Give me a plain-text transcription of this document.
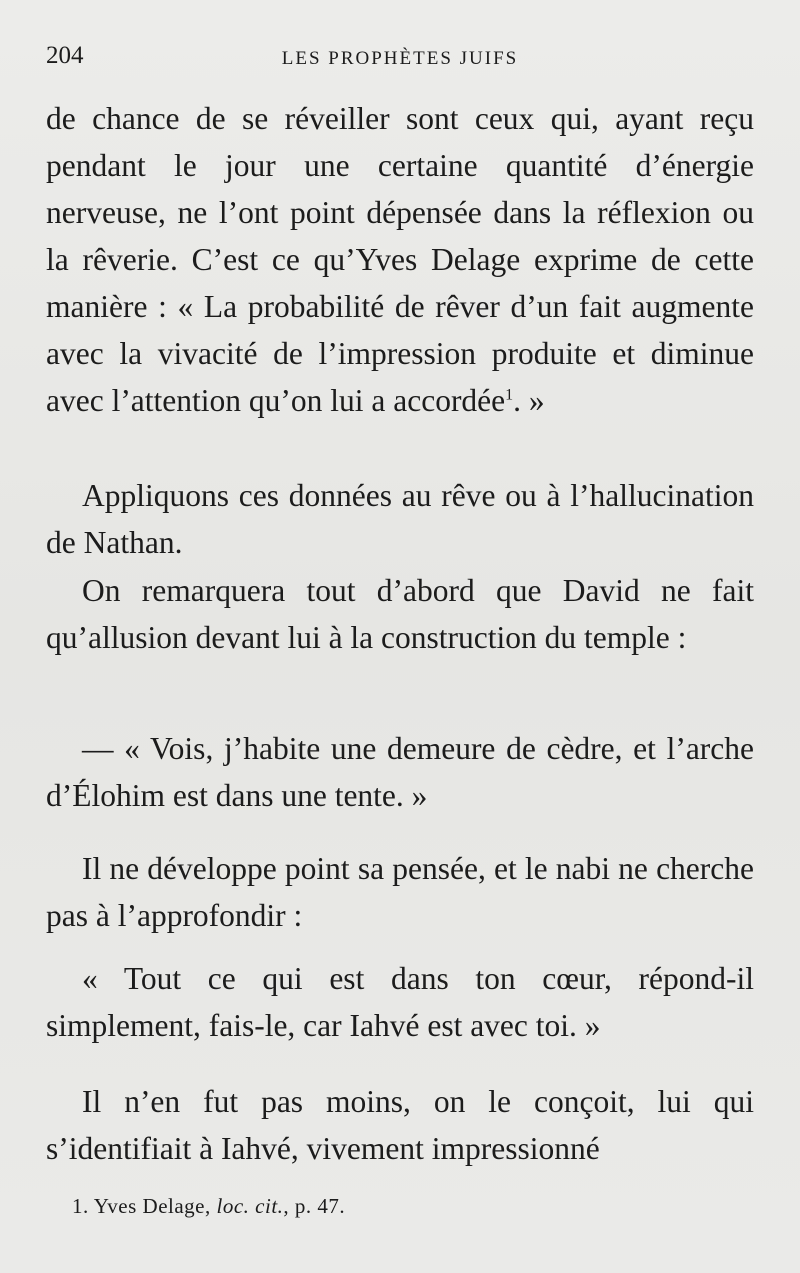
204	LES PROPHÈTES JUIFS

de chance de se réveiller sont ceux qui, ayant reçu pendant le jour une certaine quantité d’énergie nerveuse, ne l’ont point dépensée dans la réflexion ou la rêverie. C’est ce qu’Yves Delage exprime de cette manière : « La probabilité de rêver d’un fait augmente avec la vivacité de l’impression produite et diminue avec l’attention qu’on lui a accordée$^1$. »

Appliquons ces données au rêve ou à l’hallucination de Nathan.

On remarquera tout d’abord que David ne fait qu’allusion devant lui à la construction du temple :

— « Vois, j’habite une demeure de cèdre, et l’arche d’Élohim est dans une tente. »

Il ne développe point sa pensée, et le nabi ne cherche pas à l’approfondir :

« Tout ce qui est dans ton cœur, répond-il simplement, fais-le, car Iahvé est avec toi. »

Il n’en fut pas moins, on le conçoit, lui qui s’identifiait à Iahvé, vivement impressionné

1. Yves Delage, loc. cit., p. 47.
